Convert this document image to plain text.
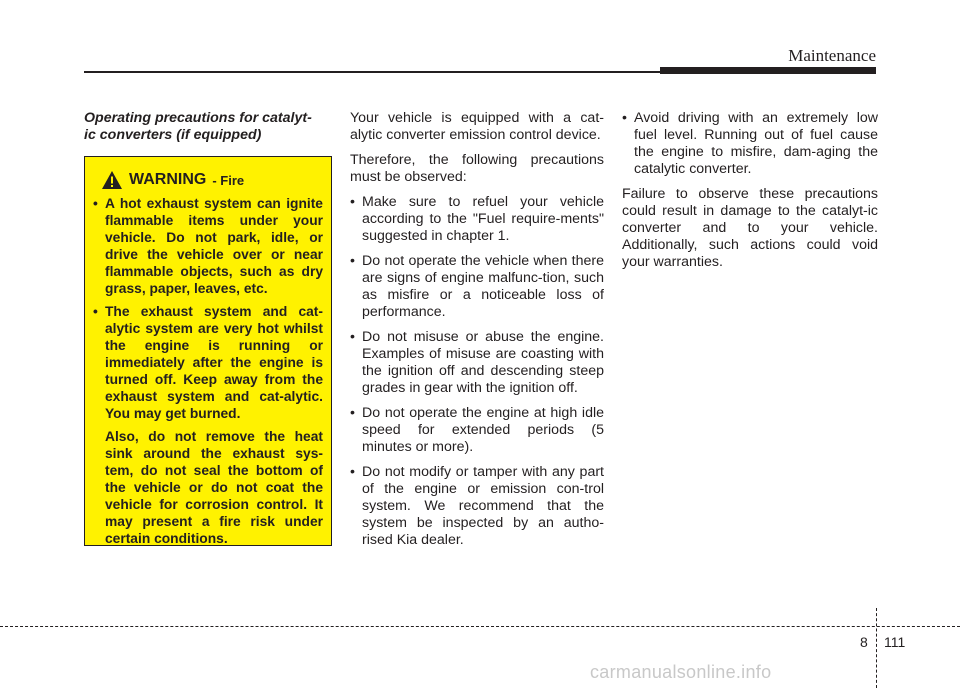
Maintenance
Operating precautions for catalyt-
ic converters (if equipped)
WARNING - Fire
• A hot exhaust system can ignite flammable items under your vehicle. Do not park, idle, or drive the vehicle over or near flammable objects, such as dry grass, paper, leaves, etc.
• The exhaust system and cat-alytic system are very hot whilst the engine is running or immediately after the engine is turned off. Keep away from the exhaust system and cat-alytic. You may get burned.
Also, do not remove the heat sink around the exhaust sys-tem, do not seal the bottom of the vehicle or do not coat the vehicle for corrosion control. It may present a fire risk under certain conditions.

Your vehicle is equipped with a cat-alytic converter emission control device.

Therefore, the following precautions must be observed:

• Make sure to refuel your vehicle according to the "Fuel require-ments" suggested in chapter 1.
• Do not operate the vehicle when there are signs of engine malfunc-tion, such as misfire or a noticeable loss of performance.
• Do not misuse or abuse the engine. Examples of misuse are coasting with the ignition off and descending steep grades in gear with the ignition off.
• Do not operate the engine at high idle speed for extended periods (5 minutes or more).
• Do not modify or tamper with any part of the engine or emission con-trol system. We recommend that the system be inspected by an autho-rised Kia dealer.
• Avoid driving with an extremely low fuel level. Running out of fuel cause the engine to misfire, dam-aging the catalytic converter.

Failure to observe these precautions could result in damage to the catalyt-ic converter and to your vehicle. Additionally, such actions could void your warranties.

8 111
carmanualsonline.info
